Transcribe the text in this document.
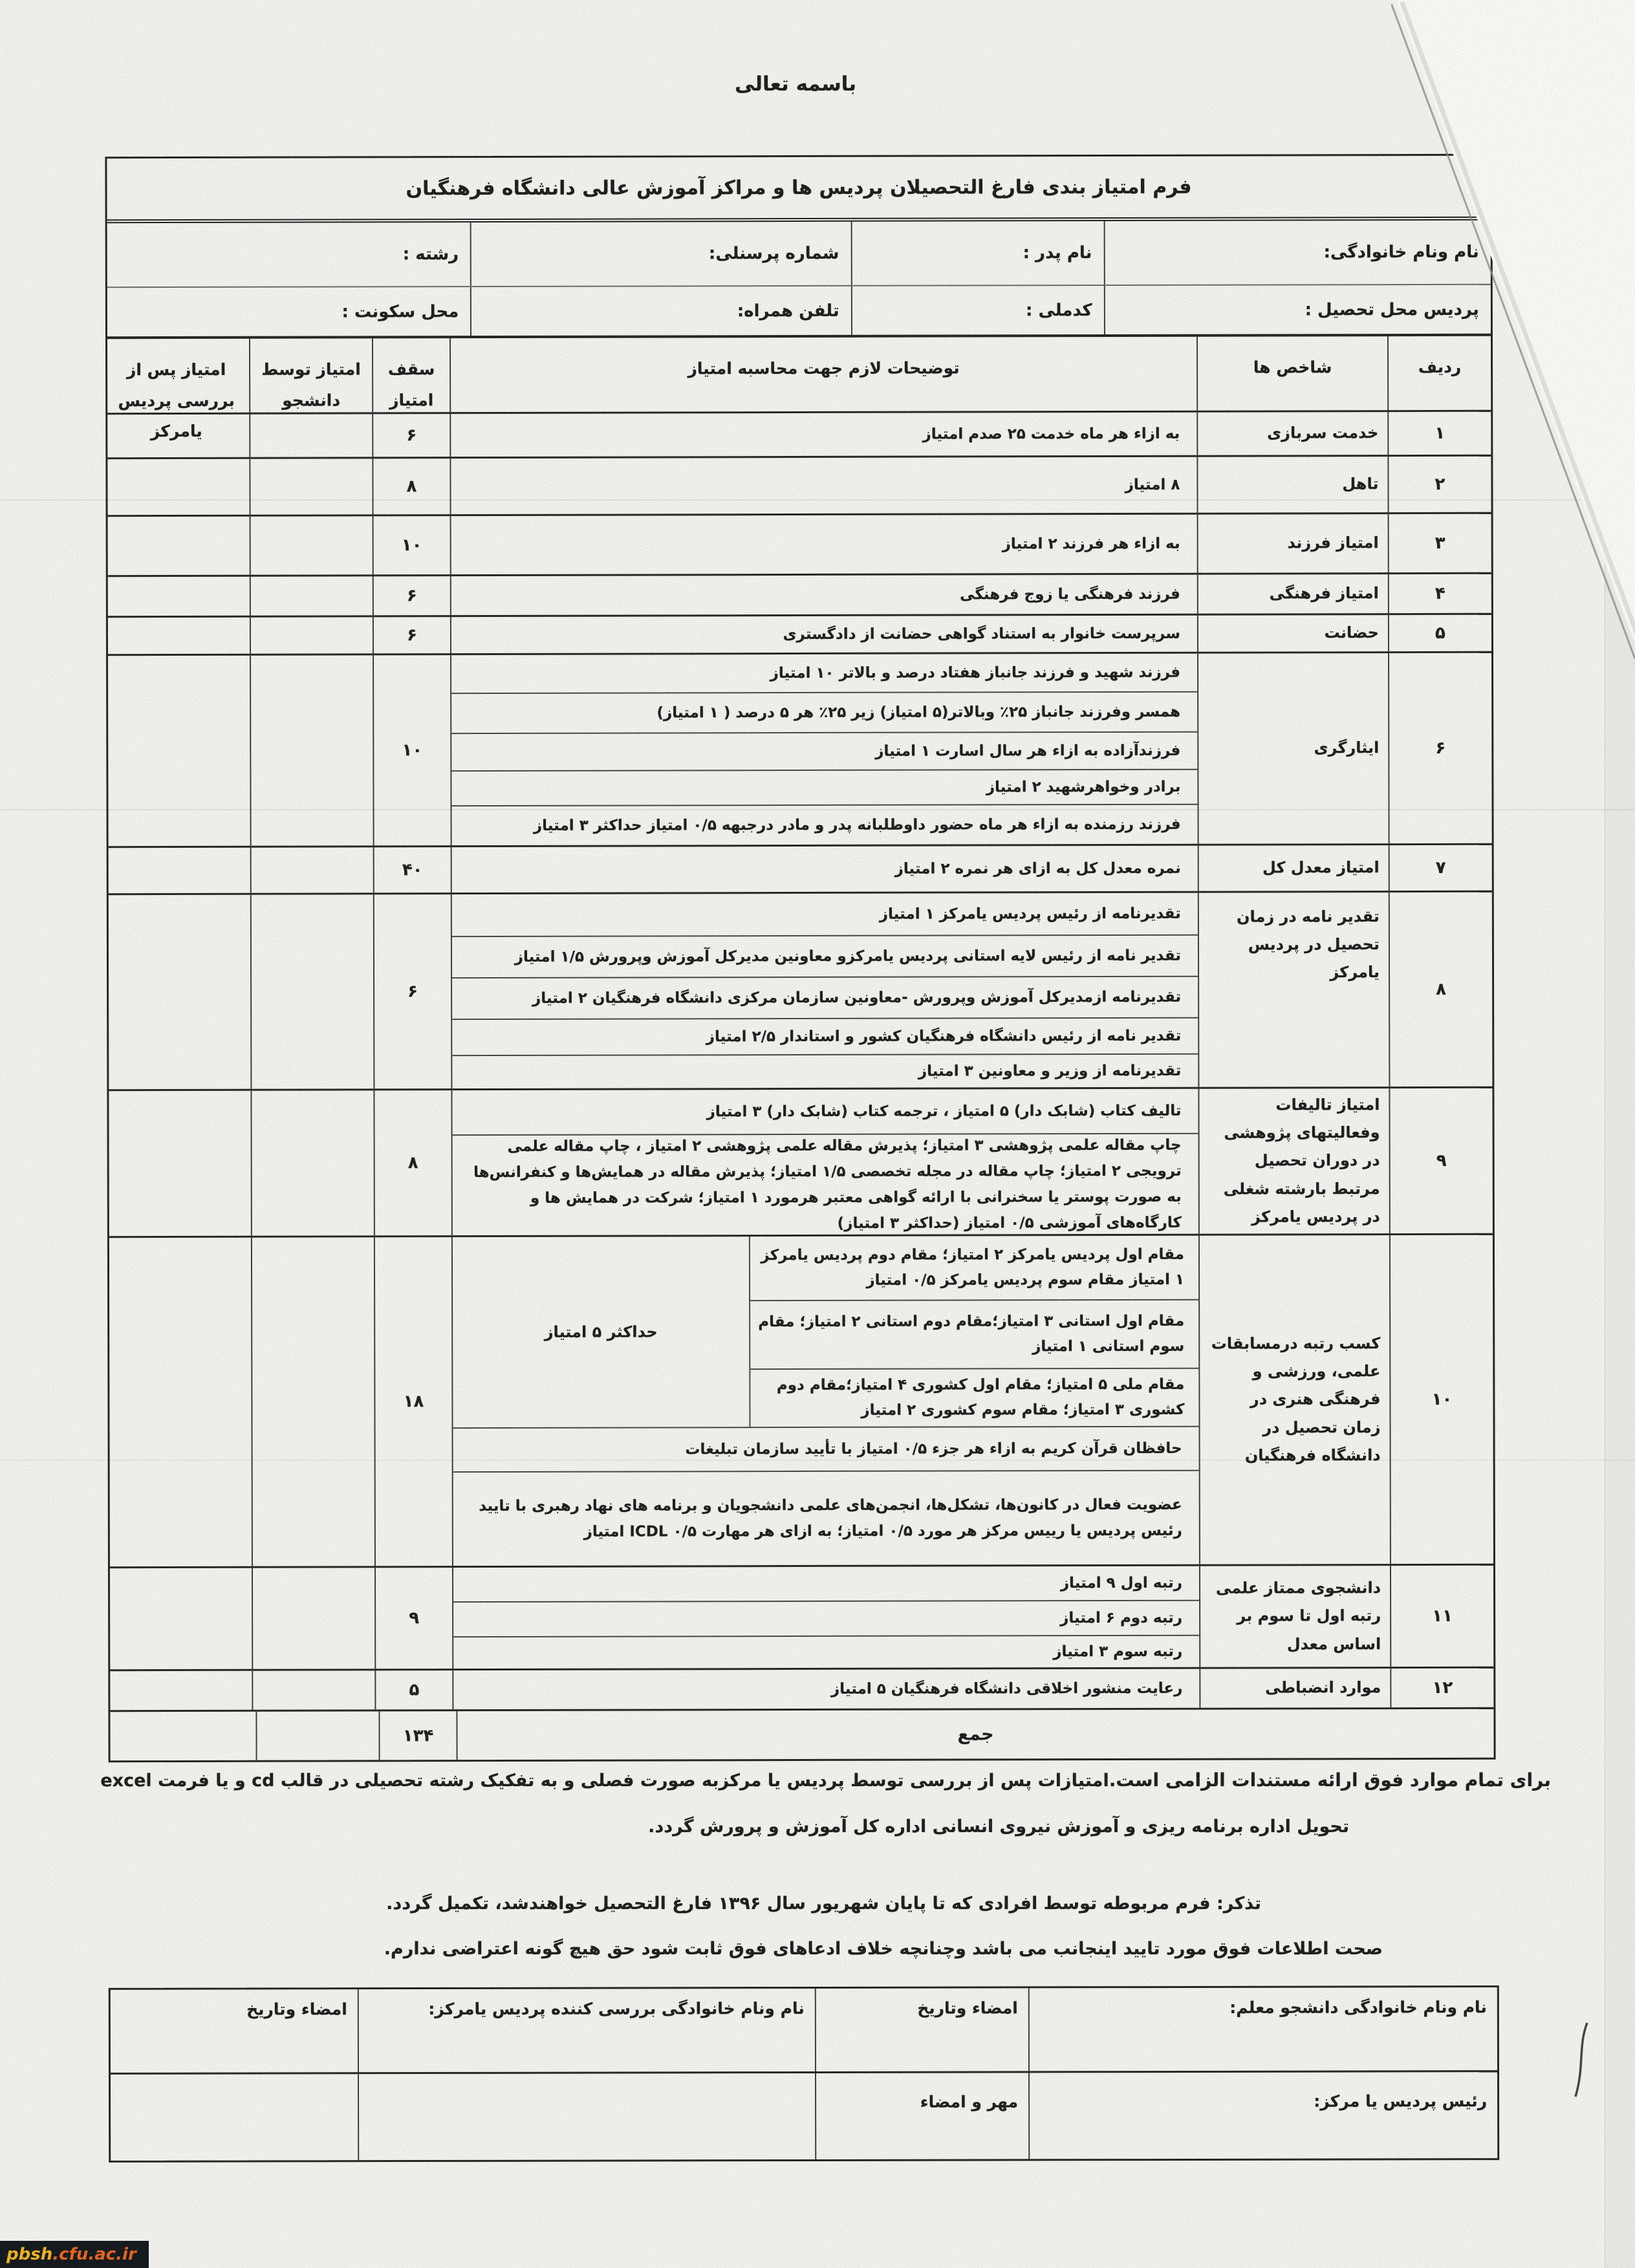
باسمه تعالی
فرم امتیاز بندی فارغ التحصیلان پردیس ها و مراکز آموزش عالی دانشگاه فرهنگیان
نام ونام خانوادگی:
نام پدر :
شماره پرسنلی:
رشته :
پردیس محل تحصیل :
کدملی :
تلفن همراه:
محل سکونت :
ردیف
شاخص ها
توضیحات لازم جهت محاسبه امتیاز
سقف امتیاز
امتیاز توسط دانشجو
امتیاز پس از بررسی پردیس یامرکز	۱
خدمت سربازی
به ازاء هر ماه خدمت ۲۵ صدم امتیاز
۶
۲
تاهل
۸ امتیاز
۸
۳
امتیاز فرزند
به ازاء هر فرزند ۲ امتیاز
۱۰
۴
امتیاز فرهنگی
فرزند فرهنگی یا زوج فرهنگی
۶
۵
حضانت
سرپرست خانوار به استناد گواهی حضانت از دادگستری
۶
۶
ایثارگری
فرزند شهید و فرزند جانباز هفتاد درصد و بالاتر ۱۰ امتیاز
همسر وفرزند جانباز ۲۵٪ وبالاتر(۵ امتیاز) زیر ۲۵٪ هر ۵ درصد ( ۱ امتیاز)
فرزندآزاده به ازاء هر سال اسارت ۱ امتیاز
برادر وخواهرشهید ۲ امتیاز
فرزند رزمنده به ازاء هر ماه حضور داوطلبانه پدر و مادر درجبهه ۰/۵ امتیاز حداکثر ۳ امتیاز
۱۰
۷
امتیاز معدل کل
نمره معدل کل به ازای هر نمره ۲ امتیاز
۴۰
۸
تقدیر نامه در زمان تحصیل در پردیس یامرکز
تقدیرنامه از رئیس پردیس یامرکز ۱ امتیاز
تقدیر نامه از رئیس لایه استانی پردیس یامرکزو معاونین مدیرکل آموزش وپرورش ۱/۵ امتیاز
تقدیرنامه ازمدیرکل آموزش وپرورش -معاونین سازمان مرکزی دانشگاه فرهنگیان ۲ امتیاز
تقدیر نامه از رئیس دانشگاه فرهنگیان کشور و استاندار ۲/۵ امتیاز
تقدیرنامه از وزیر و معاونین ۳ امتیاز
۶
۹
امتیاز تالیفات وفعالیتهای پژوهشی در دوران تحصیل مرتبط بارشته شغلی در پردیس یامرکز
تالیف کتاب (شابک دار) ۵ امتیاز ، ترجمه کتاب (شابک دار) ۳ امتیاز
چاپ مقاله علمی پژوهشی ۳ امتیاز؛ پذیرش مقاله علمی پژوهشی ۲ امتیاز ، چاپ مقاله علمی ترویجی ۲ امتیاز؛ چاپ مقاله در مجله تخصصی ۱/۵ امتیاز؛ پذیرش مقاله در همایش‌ها و کنفرانس‌ها به صورت پوستر یا سخنرانی با ارائه گواهی معتبر هرمورد ۱ امتیاز؛ شرکت در همایش ها و کارگاه‌های آموزشی ۰/۵ امتیاز (حداکثر ۳ امتیاز)
۸
۱۰
کسب رتبه درمسابقات علمی، ورزشی و فرهنگی هنری در زمان تحصیل در دانشگاه فرهنگیان
مقام اول پردیس یامرکز ۲ امتیاز؛ مقام دوم پردیس یامرکز ۱ امتیاز مقام سوم پردیس یامرکز ۰/۵ امتیاز
مقام اول استانی ۳ امتیاز؛مقام دوم استانی ۲ امتیاز؛ مقام سوم استانی ۱ امتیاز
مقام ملی ۵ امتیاز؛ مقام اول کشوری ۴ امتیاز؛مقام دوم کشوری ۳ امتیاز؛ مقام سوم کشوری ۲ امتیاز
حداکثر ۵ امتیاز
حافظان قرآن کریم به ازاء هر جزء ۰/۵ امتیاز با تأیید سازمان تبلیغات
عضویت فعال در کانون‌ها، تشکل‌ها، انجمن‌های علمی دانشجویان و برنامه های نهاد رهبری با تایید رئیس پردیس یا رییس مرکز هر مورد ۰/۵ امتیاز؛ به ازای هر مهارت ICDL ۰/۵ امتیاز
۱۸
۱۱
دانشجوی ممتاز علمی رتبه اول تا سوم بر اساس معدل
رتبه اول ۹ امتیاز
رتبه دوم ۶ امتیاز
رتبه سوم ۳ امتیاز
۹
۱۲
موارد انضباطی
رعایت منشور اخلاقی دانشگاه فرهنگیان ۵ امتیاز
۵
جمع
۱۳۴
برای تمام موارد فوق ارائه مستندات الزامی است.امتیازات پس از بررسی توسط پردیس یا مرکزبه صورت فصلی و به تفکیک رشته تحصیلی در قالب cd و یا فرمت excel
تحویل اداره برنامه ریزی و آموزش نیروی انسانی اداره کل آموزش و پرورش گردد.
تذکر: فرم مربوطه توسط افرادی که تا پایان شهریور سال ۱۳۹۶ فارغ التحصیل خواهندشد، تکمیل گردد.
صحت اطلاعات فوق مورد تایید اینجانب می باشد وچنانچه خلاف ادعاهای فوق ثابت شود حق هیچ گونه اعتراضی ندارم.
نام ونام خانوادگی دانشجو معلم:
امضاء وتاریخ
نام ونام خانوادگی بررسی کننده پردیس یامرکز:
امضاء وتاریخ
رئیس پردیس یا مرکز:
مهر و امضاء
pbsh .cfu.ac.ir
